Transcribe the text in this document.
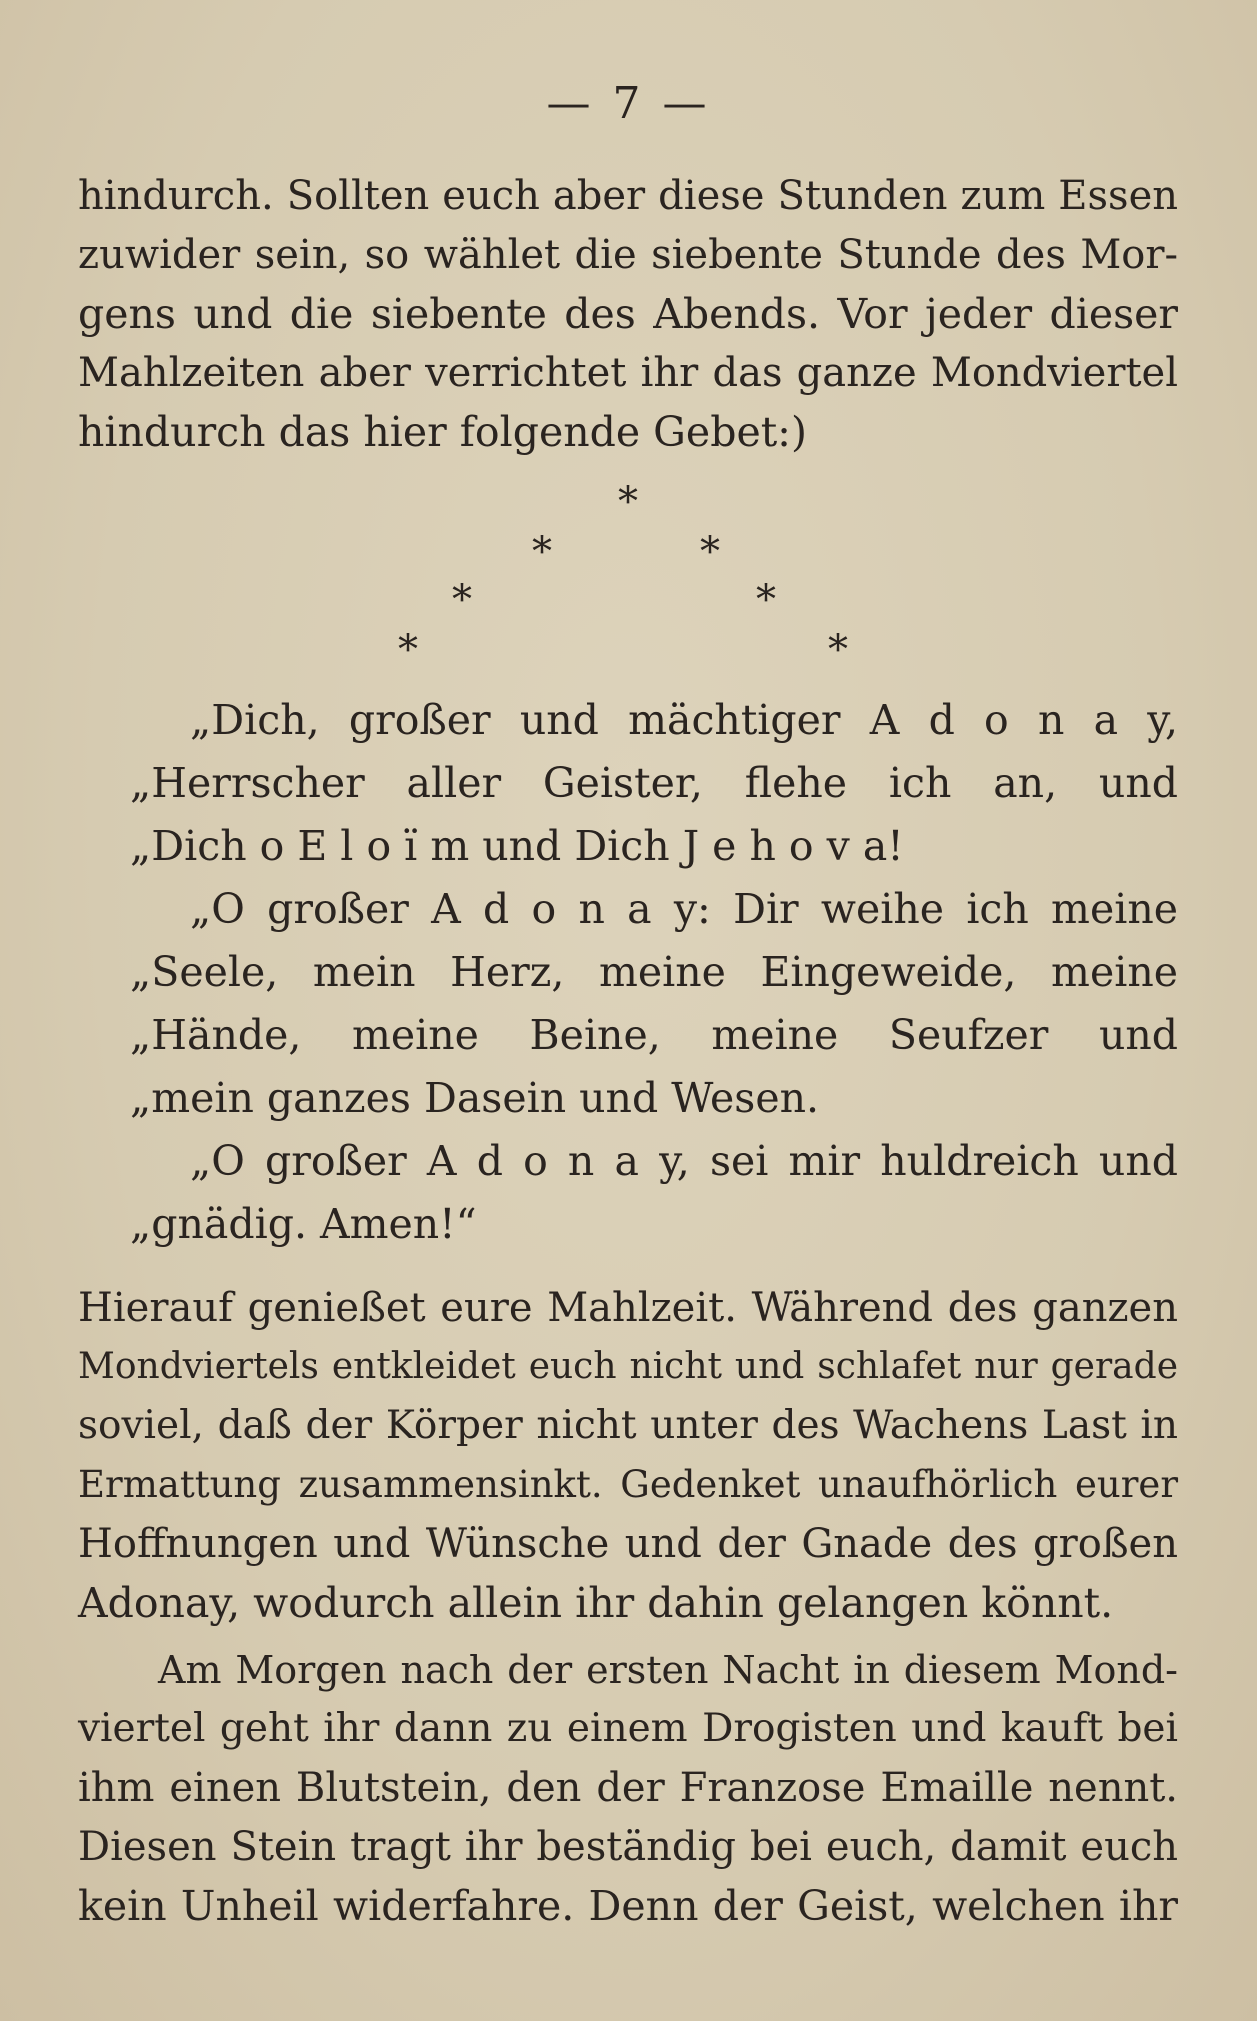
— 7 —
hindurch. Sollten euch aber diese Stunden zum Essen
zuwider sein, so wählet die siebente Stunde des Mor-
gens und die siebente des Abends. Vor jeder dieser
Mahlzeiten aber verrichtet ihr das ganze Mondviertel
hindurch das hier folgende Gebet:)
*
*	*
*	*
*	*
„Dich, großer und mächtiger A d o n a y,
„Herrscher aller Geister, flehe ich an, und
„Dich o E l o ï m und Dich J e h o v a!
„O großer A d o n a y: Dir weihe ich meine
„Seele, mein Herz, meine Eingeweide, meine
„Hände, meine Beine, meine Seufzer und
„mein ganzes Dasein und Wesen.
„O großer A d o n a y, sei mir huldreich und
„gnädig. Amen!“
Hierauf genießet eure Mahlzeit. Während des ganzen
Mondviertels entkleidet euch nicht und schlafet nur gerade
soviel, daß der Körper nicht unter des Wachens Last in
Ermattung zusammensinkt. Gedenket unaufhörlich eurer
Hoffnungen und Wünsche und der Gnade des großen
Adonay, wodurch allein ihr dahin gelangen könnt.
Am Morgen nach der ersten Nacht in diesem Mond-
viertel geht ihr dann zu einem Drogisten und kauft bei
ihm einen Blutstein, den der Franzose Emaille nennt.
Diesen Stein tragt ihr beständig bei euch, damit euch
kein Unheil widerfahre. Denn der Geist, welchen ihr
